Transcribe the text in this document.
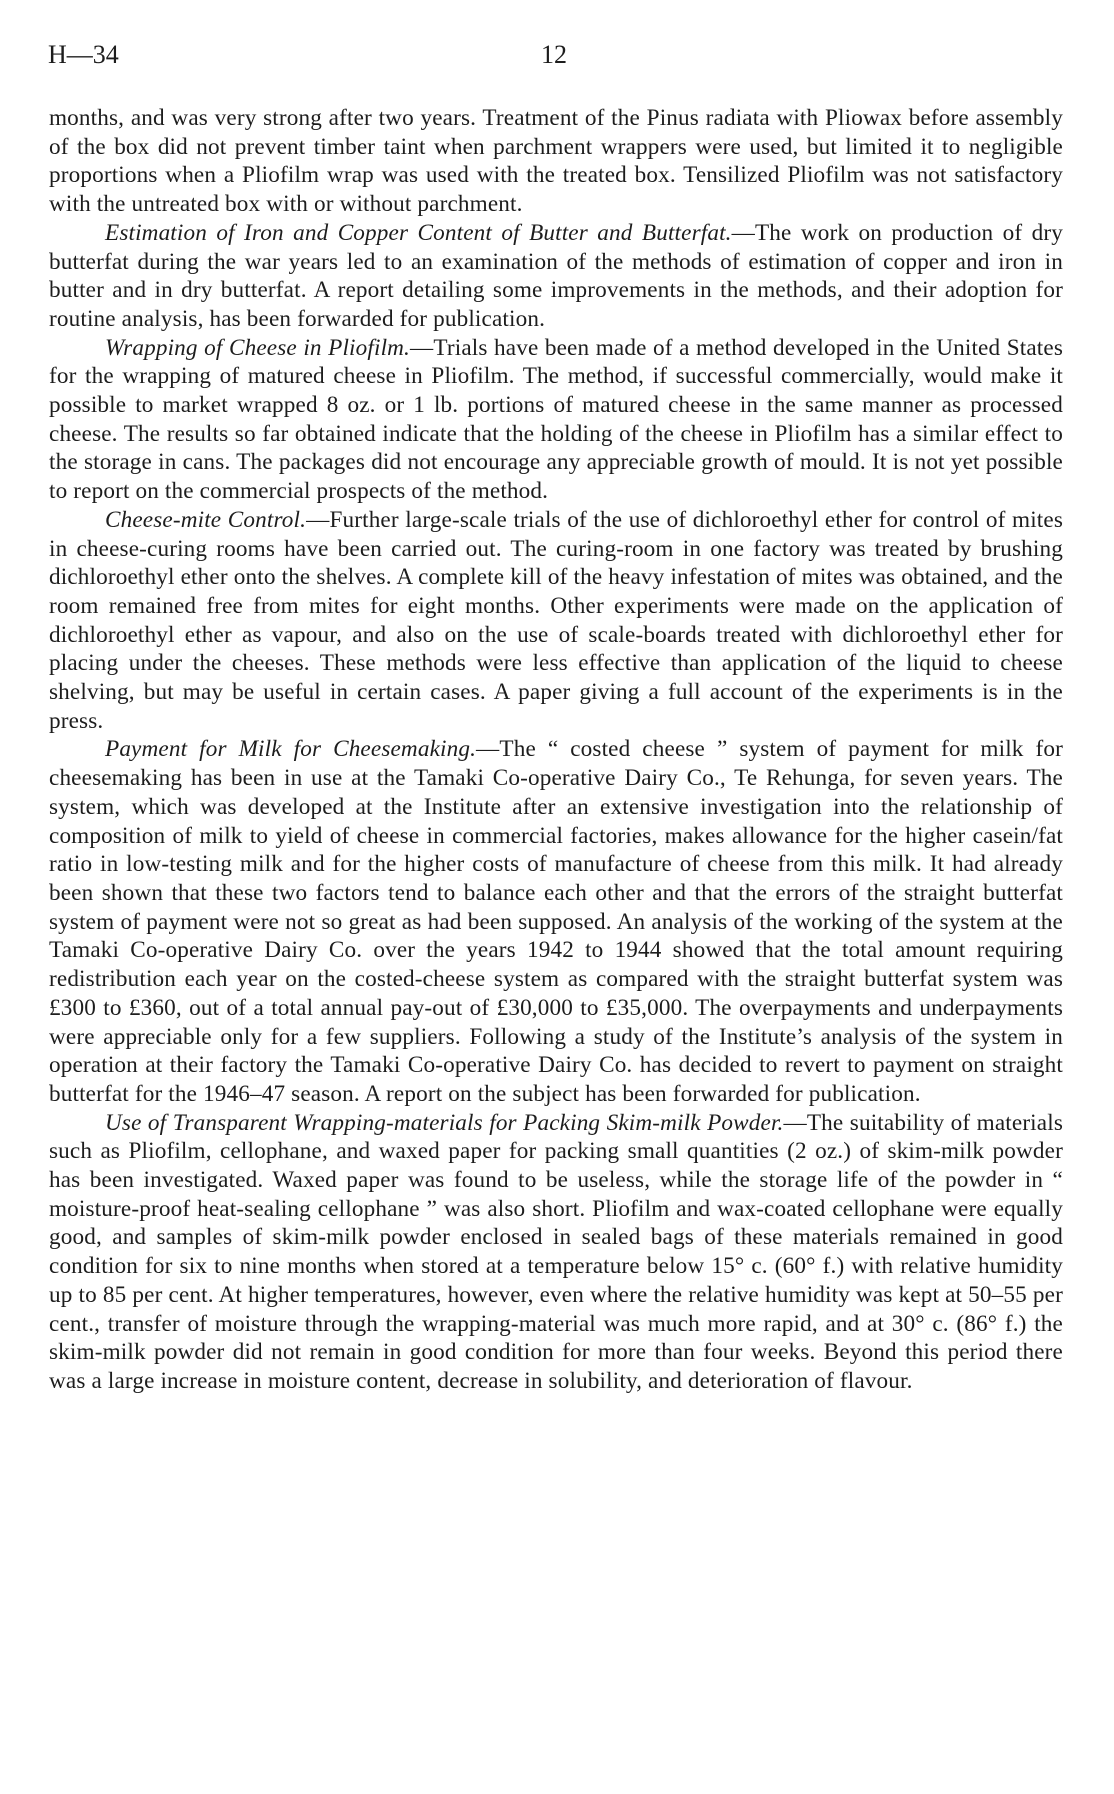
H—34	12

months, and was very strong after two years. Treatment of the Pinus radiata with Pliowax before assembly of the box did not prevent timber taint when parchment wrappers were used, but limited it to negligible proportions when a Pliofilm wrap was used with the treated box. Tensilized Pliofilm was not satisfactory with the untreated box with or without parchment.

Estimation of Iron and Copper Content of Butter and Butterfat.—The work on production of dry butterfat during the war years led to an examination of the methods of estimation of copper and iron in butter and in dry butterfat. A report detailing some improvements in the methods, and their adoption for routine analysis, has been forwarded for publication.

Wrapping of Cheese in Pliofilm.—Trials have been made of a method developed in the United States for the wrapping of matured cheese in Pliofilm. The method, if successful commercially, would make it possible to market wrapped 8 oz. or 1 lb. portions of matured cheese in the same manner as processed cheese. The results so far obtained indicate that the holding of the cheese in Pliofilm has a similar effect to the storage in cans. The packages did not encourage any appreciable growth of mould. It is not yet possible to report on the commercial prospects of the method.

Cheese-mite Control.—Further large-scale trials of the use of dichloroethyl ether for control of mites in cheese-curing rooms have been carried out. The curing-room in one factory was treated by brushing dichloroethyl ether onto the shelves. A complete kill of the heavy infestation of mites was obtained, and the room remained free from mites for eight months. Other experiments were made on the application of dichloroethyl ether as vapour, and also on the use of scale-boards treated with dichloroethyl ether for placing under the cheeses. These methods were less effective than application of the liquid to cheese shelving, but may be useful in certain cases. A paper giving a full account of the experiments is in the press.

Payment for Milk for Cheesemaking.—The “ costed cheese ” system of payment for milk for cheesemaking has been in use at the Tamaki Co-operative Dairy Co., Te Rehunga, for seven years. The system, which was developed at the Institute after an extensive investigation into the relationship of composition of milk to yield of cheese in commercial factories, makes allowance for the higher casein/fat ratio in low-testing milk and for the higher costs of manufacture of cheese from this milk. It had already been shown that these two factors tend to balance each other and that the errors of the straight butterfat system of payment were not so great as had been supposed. An analysis of the working of the system at the Tamaki Co-operative Dairy Co. over the years 1942 to 1944 showed that the total amount requiring redistribution each year on the costed-cheese system as compared with the straight butterfat system was £300 to £360, out of a total annual pay-out of £30,000 to £35,000. The overpayments and underpayments were appreciable only for a few suppliers. Following a study of the Institute’s analysis of the system in operation at their factory the Tamaki Co-operative Dairy Co. has decided to revert to payment on straight butterfat for the 1946–47 season. A report on the subject has been forwarded for publication.

Use of Transparent Wrapping-materials for Packing Skim-milk Powder.—The suitability of materials such as Pliofilm, cellophane, and waxed paper for packing small quantities (2 oz.) of skim-milk powder has been investigated. Waxed paper was found to be useless, while the storage life of the powder in “ moisture-proof heat-sealing cellophane ” was also short. Pliofilm and wax-coated cellophane were equally good, and samples of skim-milk powder enclosed in sealed bags of these materials remained in good condition for six to nine months when stored at a temperature below 15° c. (60° f.) with relative humidity up to 85 per cent. At higher temperatures, however, even where the relative humidity was kept at 50–55 per cent., transfer of moisture through the wrapping-material was much more rapid, and at 30° c. (86° f.) the skim-milk powder did not remain in good condition for more than four weeks. Beyond this period there was a large increase in moisture content, decrease in solubility, and deterioration of flavour.
